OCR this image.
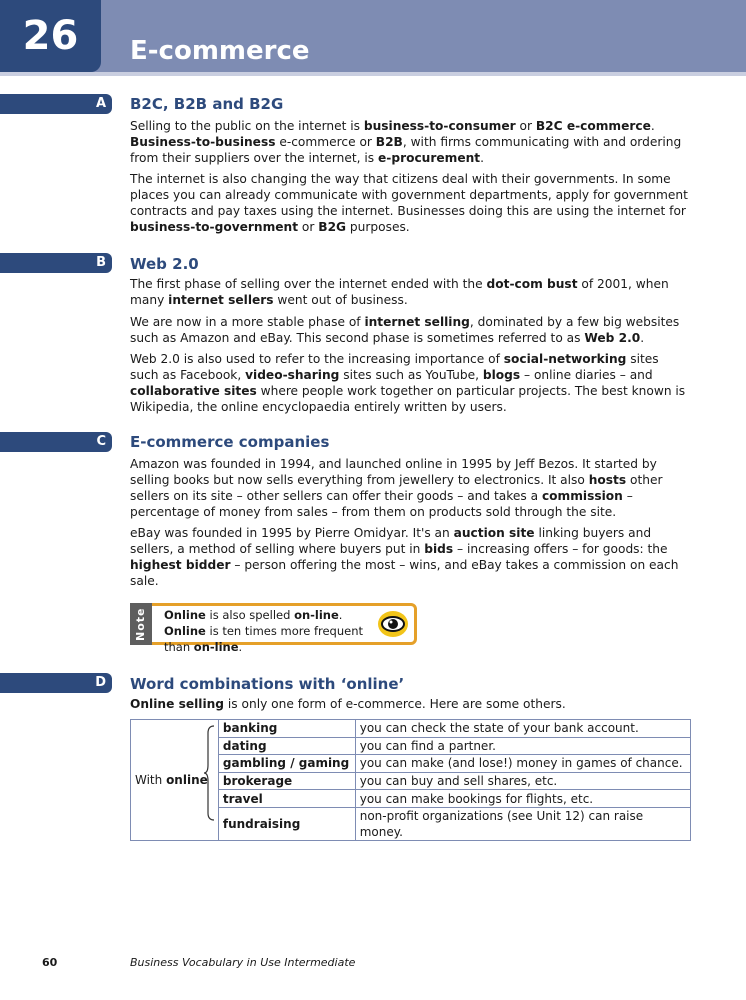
26	E-commerce
A	B2C, B2B and B2G

Selling to the public on the internet is business-to-consumer or B2C e-commerce. Business-to-business e-commerce or B2B, with firms communicating with and ordering from their suppliers over the internet, is e-procurement.

The internet is also changing the way that citizens deal with their governments. In some places you can already communicate with government departments, apply for government contracts and pay taxes using the internet. Businesses doing this are using the internet for business-to-government or B2G purposes.

B	Web 2.0

The first phase of selling over the internet ended with the dot-com bust of 2001, when many internet sellers went out of business.

We are now in a more stable phase of internet selling, dominated by a few big websites such as Amazon and eBay. This second phase is sometimes referred to as Web 2.0.

Web 2.0 is also used to refer to the increasing importance of social-networking sites such as Facebook, video-sharing sites such as YouTube, blogs – online diaries – and collaborative sites where people work together on particular projects. The best known is Wikipedia, the online encyclopaedia entirely written by users.

C	E-commerce companies

Amazon was founded in 1994, and launched online in 1995 by Jeff Bezos. It started by selling books but now sells everything from jewellery to electronics. It also hosts other sellers on its site – other sellers can offer their goods – and takes a commission – percentage of money from sales – from them on products sold through the site.

eBay was founded in 1995 by Pierre Omidyar. It's an auction site linking buyers and sellers, a method of selling where buyers put in bids – increasing offers – for goods: the highest bidder – person offering the most – wins, and eBay takes a commission on each sale.

Note	Online is also spelled on-line. Online is ten times more frequent than on-line.

D	Word combinations with ‘online’

Online selling is only one form of e-commerce. Here are some others.

With online	banking	you can check the state of your bank account.
	dating	you can find a partner.
	gambling / gaming	you can make (and lose!) money in games of chance.
	brokerage	you can buy and sell shares, etc.
	travel	you can make bookings for flights, etc.
	fundraising	non-profit organizations (see Unit 12) can raise money.
60	Business Vocabulary in Use Intermediate
